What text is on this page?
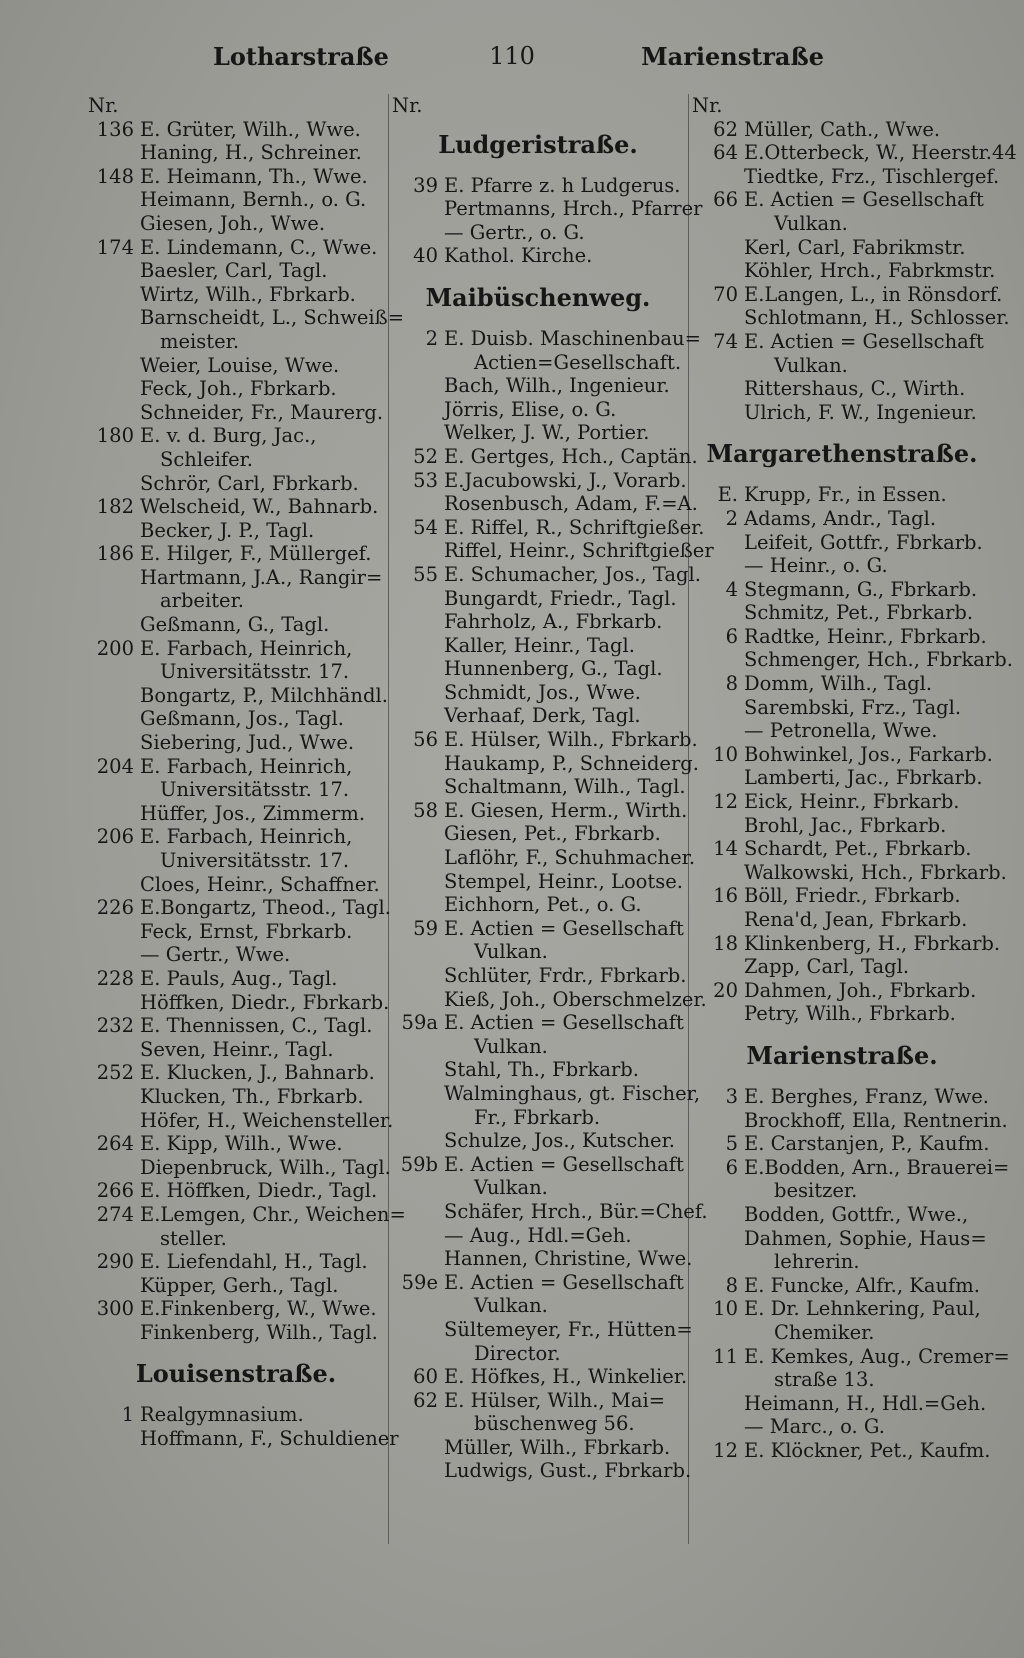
110
Lotharstraße	Marienstraße
Nr.
136 E. Grüter, Wilh., Wwe.
Haning, H., Schreiner.
148 E. Heimann, Th., Wwe.
Heimann, Bernh., o. G.
Giesen, Joh., Wwe.
174 E. Lindemann, C., Wwe.
Baesler, Carl, Tagl.
Wirtz, Wilh., Fbrkarb.
Barnscheidt, L., Schweiß=
meister.
Weier, Louise, Wwe.
Feck, Joh., Fbrkarb.
Schneider, Fr., Maurerg.
180 E. v. d. Burg, Jac.,
Schleifer.
Schrör, Carl, Fbrkarb.
182 Welscheid, W., Bahnarb.
Becker, J. P., Tagl.
186 E. Hilger, F., Müllergef.
Hartmann, J.A., Rangir=
arbeiter.
Geßmann, G., Tagl.
200 E. Farbach, Heinrich,
Universitätsstr. 17.
Bongartz, P., Milchhändl.
Geßmann, Jos., Tagl.
Siebering, Jud., Wwe.
204 E. Farbach, Heinrich,
Universitätsstr. 17.
Hüffer, Jos., Zimmerm.
206 E. Farbach, Heinrich,
Universitätsstr. 17.
Cloes, Heinr., Schaffner.
226 E.Bongartz, Theod., Tagl.
Feck, Ernst, Fbrkarb.
— Gertr., Wwe.
228 E. Pauls, Aug., Tagl.
Höffken, Diedr., Fbrkarb.
232 E. Thennissen, C., Tagl.
Seven, Heinr., Tagl.
252 E. Klucken, J., Bahnarb.
Klucken, Th., Fbrkarb.
Höfer, H., Weichensteller.
264 E. Kipp, Wilh., Wwe.
Diepenbruck, Wilh., Tagl.
266 E. Höffken, Diedr., Tagl.
274 E.Lemgen, Chr., Weichen=
steller.
290 E. Liefendahl, H., Tagl.
Küpper, Gerh., Tagl.
300 E.Finkenberg, W., Wwe.
Finkenberg, Wilh., Tagl.
Louisenstraße.
1 Realgymnasium.
Hoffmann, F., Schuldiener
Nr.
Ludgeristraße.
39 E. Pfarre z. h Ludgerus.
Pertmanns, Hrch., Pfarrer
— Gertr., o. G.
40 Kathol. Kirche.
Maibüschenweg.
2 E. Duisb. Maschinenbau=
Actien=Gesellschaft.
Bach, Wilh., Ingenieur.
Jörris, Elise, o. G.
Welker, J. W., Portier.
52 E. Gertges, Hch., Captän.
53 E.Jacubowski, J., Vorarb.
Rosenbusch, Adam, F.=A.
54 E. Riffel, R., Schriftgießer.
Riffel, Heinr., Schriftgießer
55 E. Schumacher, Jos., Tagl.
Bungardt, Friedr., Tagl.
Fahrholz, A., Fbrkarb.
Kaller, Heinr., Tagl.
Hunnenberg, G., Tagl.
Schmidt, Jos., Wwe.
Verhaaf, Derk, Tagl.
56 E. Hülser, Wilh., Fbrkarb.
Haukamp, P., Schneiderg.
Schaltmann, Wilh., Tagl.
58 E. Giesen, Herm., Wirth.
Giesen, Pet., Fbrkarb.
Laflöhr, F., Schuhmacher.
Stempel, Heinr., Lootse.
Eichhorn, Pet., o. G.
59 E. Actien = Gesellschaft
Vulkan.
Schlüter, Frdr., Fbrkarb.
Kieß, Joh., Oberschmelzer.
59a E. Actien = Gesellschaft
Vulkan.
Stahl, Th., Fbrkarb.
Walminghaus, gt. Fischer,
Fr., Fbrkarb.
Schulze, Jos., Kutscher.
59b E. Actien = Gesellschaft
Vulkan.
Schäfer, Hrch., Bür.=Chef.
— Aug., Hdl.=Geh.
Hannen, Christine, Wwe.
59e E. Actien = Gesellschaft
Vulkan.
Sültemeyer, Fr., Hütten=
Director.
60 E. Höfkes, H., Winkelier.
62 E. Hülser, Wilh., Mai=
büschenweg 56.
Müller, Wilh., Fbrkarb.
Ludwigs, Gust., Fbrkarb.
Nr.
62 Müller, Cath., Wwe.
64 E.Otterbeck, W., Heerstr.44
Tiedtke, Frz., Tischlergef.
66 E. Actien = Gesellschaft
Vulkan.
Kerl, Carl, Fabrikmstr.
Köhler, Hrch., Fabrkmstr.
70 E.Langen, L., in Rönsdorf.
Schlotmann, H., Schlosser.
74 E. Actien = Gesellschaft
Vulkan.
Rittershaus, C., Wirth.
Ulrich, F. W., Ingenieur.
Margarethenstraße.
E. Krupp, Fr., in Essen.
2 Adams, Andr., Tagl.
Leifeit, Gottfr., Fbrkarb.
— Heinr., o. G.
4 Stegmann, G., Fbrkarb.
Schmitz, Pet., Fbrkarb.
6 Radtke, Heinr., Fbrkarb.
Schmenger, Hch., Fbrkarb.
8 Domm, Wilh., Tagl.
Sarembski, Frz., Tagl.
— Petronella, Wwe.
10 Bohwinkel, Jos., Farkarb.
Lamberti, Jac., Fbrkarb.
12 Eick, Heinr., Fbrkarb.
Brohl, Jac., Fbrkarb.
14 Schardt, Pet., Fbrkarb.
Walkowski, Hch., Fbrkarb.
16 Böll, Friedr., Fbrkarb.
Rena'd, Jean, Fbrkarb.
18 Klinkenberg, H., Fbrkarb.
Zapp, Carl, Tagl.
20 Dahmen, Joh., Fbrkarb.
Petry, Wilh., Fbrkarb.
Marienstraße.
3 E. Berghes, Franz, Wwe.
Brockhoff, Ella, Rentnerin.
5 E. Carstanjen, P., Kaufm.
6 E.Bodden, Arn., Brauerei=
besitzer.
Bodden, Gottfr., Wwe.,
Dahmen, Sophie, Haus=
lehrerin.
8 E. Funcke, Alfr., Kaufm.
10 E. Dr. Lehnkering, Paul,
Chemiker.
11 E. Kemkes, Aug., Cremer=
straße 13.
Heimann, H., Hdl.=Geh.
— Marc., o. G.
12 E. Klöckner, Pet., Kaufm.
